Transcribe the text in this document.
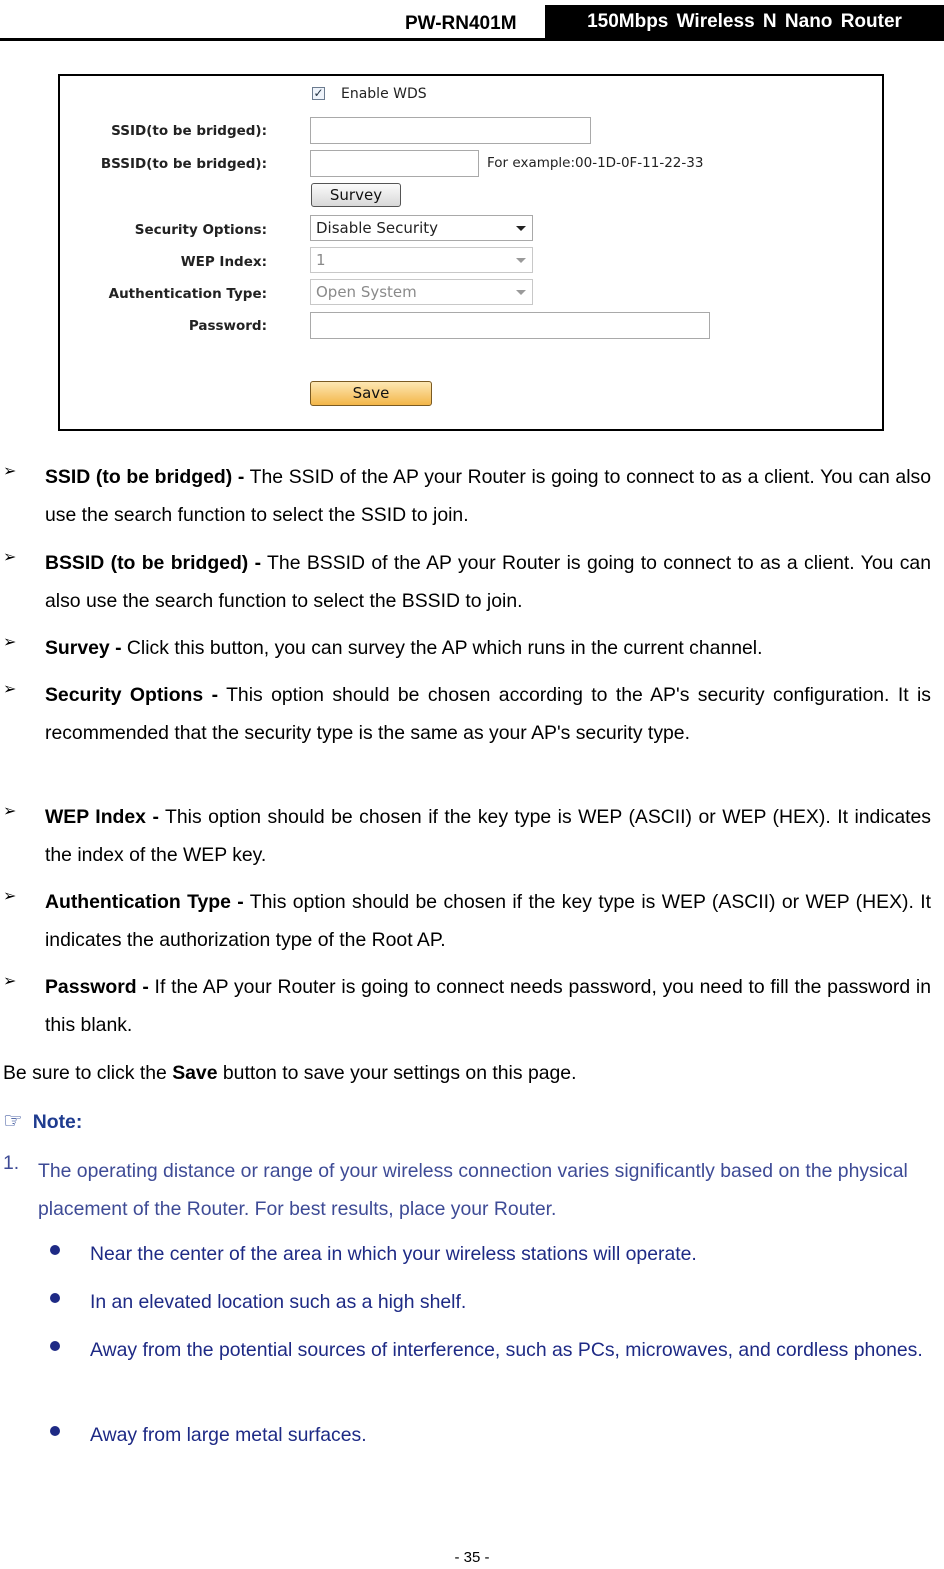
PW-RN401M	150Mbps Wireless N Nano Router
✓ Enable WDS
SSID(to be bridged):
BSSID(to be bridged):	For example:00-1D-0F-11-22-33
Survey
Security Options:	Disable Security
WEP Index:	1
Authentication Type:	Open System
Password:
Save
➢ SSID (to be bridged) - The SSID of the AP your Router is going to connect to as a client. You can also use the search function to select the SSID to join.

➢ BSSID (to be bridged) - The BSSID of the AP your Router is going to connect to as a client. You can also use the search function to select the BSSID to join.

➢ Survey - Click this button, you can survey the AP which runs in the current channel.

➢ Security Options - This option should be chosen according to the AP's security configuration. It is recommended that the security type is the same as your AP's security type.

➢ WEP Index - This option should be chosen if the key type is WEP (ASCII) or WEP (HEX). It indicates the index of the WEP key.

➢ Authentication Type - This option should be chosen if the key type is WEP (ASCII) or WEP (HEX). It indicates the authorization type of the Root AP.

➢ Password - If the AP your Router is going to connect needs password, you need to fill the password in this blank.

Be sure to click the Save button to save your settings on this page.

☞ Note:
1. The operating distance or range of your wireless connection varies significantly based on the physical placement of the Router. For best results, place your Router.

Near the center of the area in which your wireless stations will operate.

In an elevated location such as a high shelf.

Away from the potential sources of interference, such as PCs, microwaves, and cordless phones.

Away from large metal surfaces.

- 35 -
